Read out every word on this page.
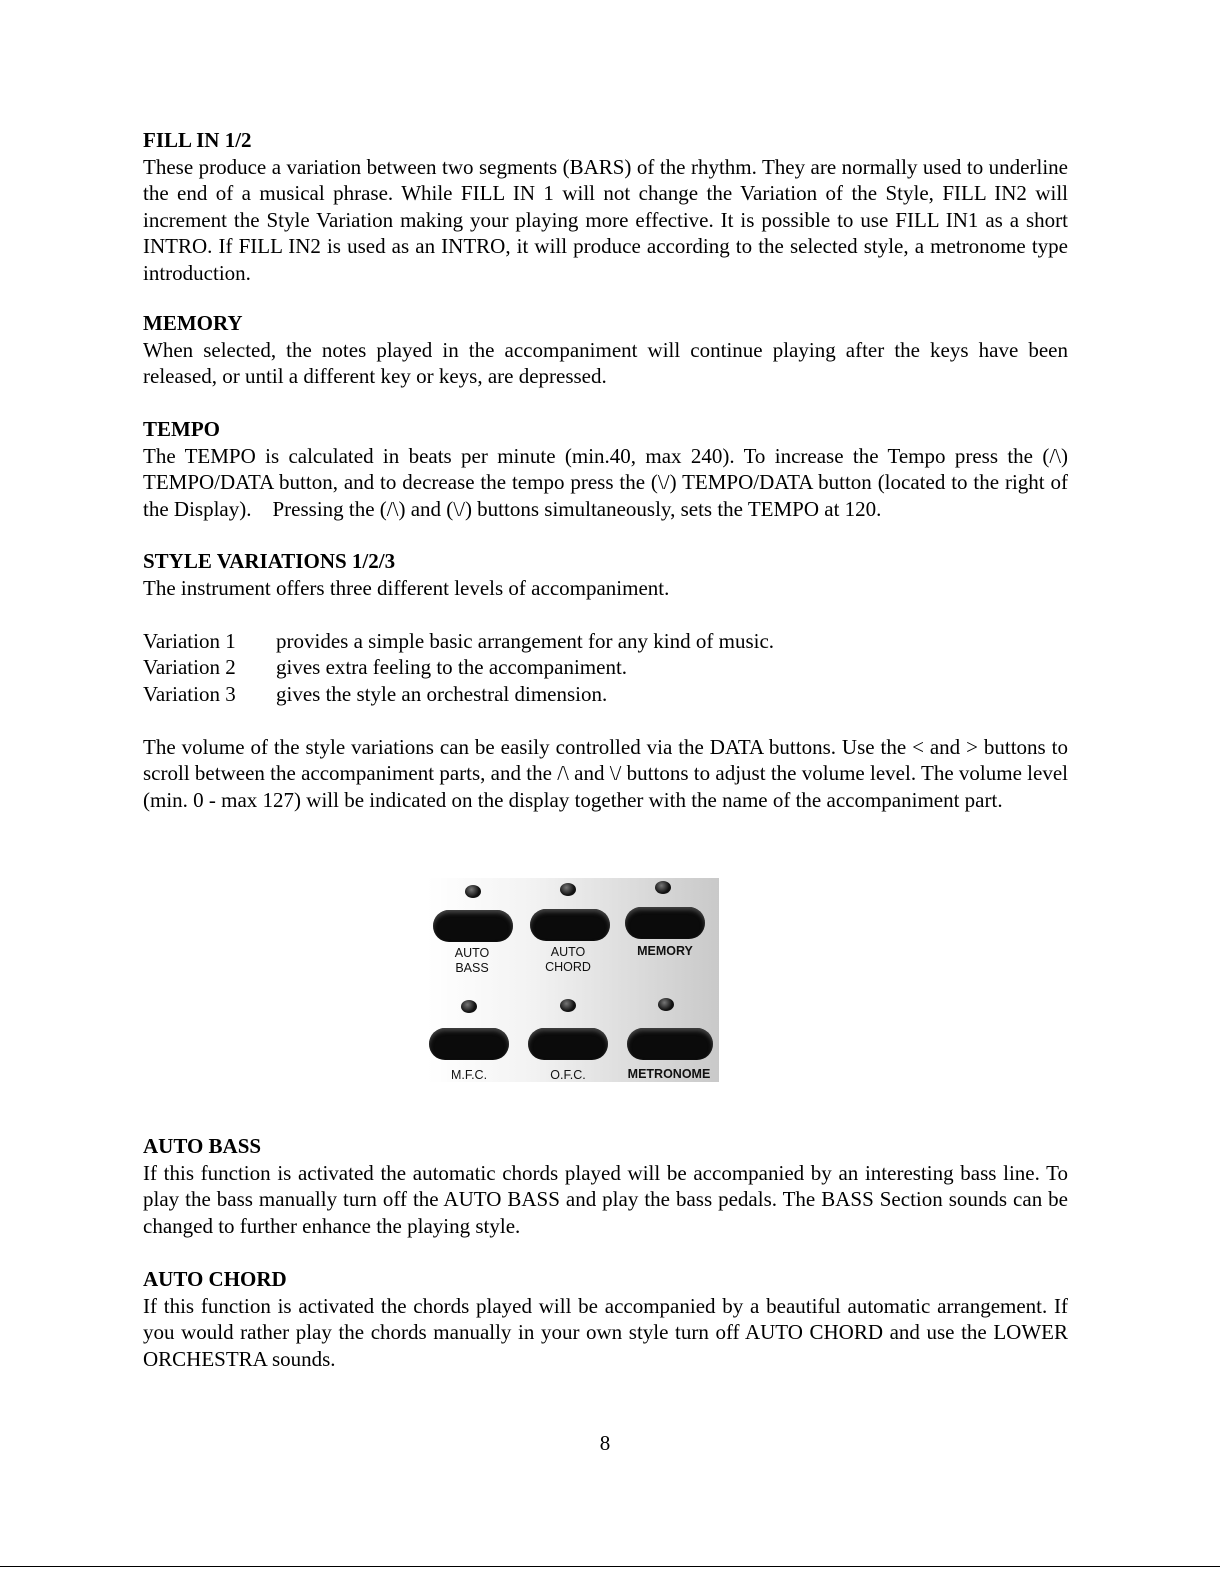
FILL IN 1/2
These produce a variation between two segments (BARS) of the rhythm. They are normally used to underline the end of a musical phrase. While FILL IN 1 will not change the Variation of the Style, FILL IN2 will increment the Style Variation making your playing more effective. It is possible to use FILL IN1 as a short INTRO. If FILL IN2 is used as an INTRO, it will produce according to the selected style, a metronome type introduction.
MEMORY
When selected, the notes played in the accompaniment will continue playing after the keys have been released, or until a different key or keys, are depressed.
TEMPO
The TEMPO is calculated in beats per minute (min.40, max 240). To increase the Tempo press the (/\) TEMPO/DATA button, and to decrease the tempo press the (\/) TEMPO/DATA button (located to the right of the Display).    Pressing the (/\) and (\/) buttons simultaneously, sets the TEMPO at 120.
STYLE VARIATIONS 1/2/3
The instrument offers three different levels of accompaniment.
Variation 1	provides a simple basic arrangement for any kind of music.
Variation 2	gives extra feeling to the accompaniment.
Variation 3	gives the style an orchestral dimension.
The volume of the style variations can be easily controlled via the DATA buttons. Use the < and > buttons to scroll between the accompaniment parts, and the /\ and \/ buttons to adjust the volume level. The volume level (min. 0 - max 127) will be indicated on the display together with the name of the accompaniment part.
AUTO
BASS
AUTO
CHORD
MEMORY
M.F.C.	O.F.C.	METRONOME
AUTO BASS
If this function is activated the automatic chords played will be accompanied by an interesting bass line. To play the bass manually turn off the AUTO BASS and play the bass pedals. The BASS Section sounds can be changed to further enhance the playing style.
AUTO CHORD
If this function is activated the chords played will be accompanied by a beautiful automatic arrangement. If you would rather play the chords manually in your own style turn off AUTO CHORD and use the LOWER ORCHESTRA sounds.
8
